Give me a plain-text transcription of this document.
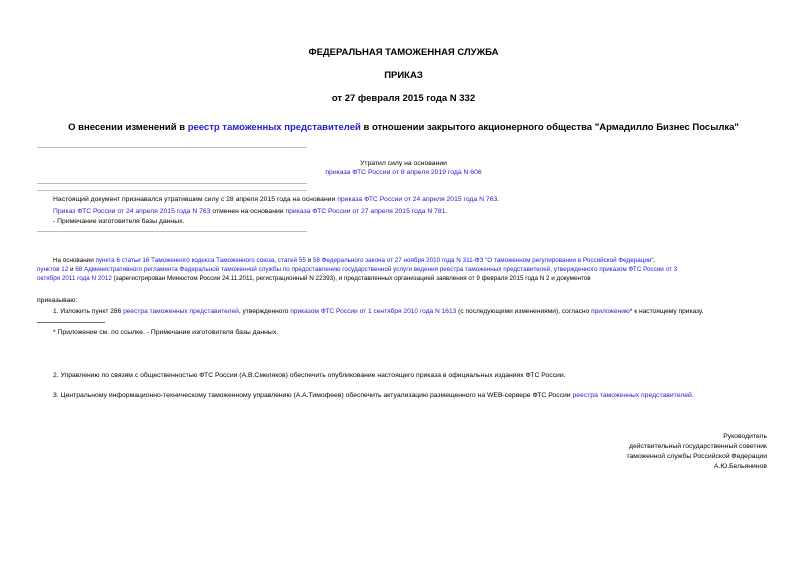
ФЕДЕРАЛЬНАЯ ТАМОЖЕННАЯ СЛУЖБА
ПРИКАЗ
от 27 февраля 2015 года N 332
О внесении изменений в реестр таможенных представителей в отношении закрытого акционерного общества "Армадилло Бизнес Посылка"
Утратил силу на основании
приказа ФТС России от 8 апреля 2019 года N 606
Настоящий документ признавался утратившим силу с 28 апреля 2015 года на основании приказа ФТС России от 24 апреля 2015 года N 763.
Приказ ФТС России от 24 апреля 2015 года N 763 отменен на основании приказа ФТС России от 27 апреля 2015 года N 781.
- Примечание изготовителя базы данных.
На основании пункта 6 статьи 16 Таможенного кодекса Таможенного союза, статей 55 и 58 Федерального закона от 27 ноября 2010 года N 311-ФЗ "О таможенном регулировании в Российской Федерации",
пунктов 12 и 68 Административного регламента Федеральной таможенной службы по предоставлению государственной услуги ведения реестра таможенных представителей, утвержденного приказом ФТС России от 3
октября 2011 года N 2012 (зарегистрирован Минюстом России 24.11.2011, регистрационный N 22393), и представленных организацией заявления от 9 февраля 2015 года N 2 и документов
приказываю:
1. Изложить пункт 286 реестра таможенных представителей, утвержденного приказом ФТС России от 1 сентября 2010 года N 1613 (с последующими изменениями), согласно приложению* к настоящему приказу.
* Приложение см. по ссылке. - Примечание изготовителя базы данных.
2. Управлению по связям с общественностью ФТС России (А.В.Смеляков) обеспечить опубликование настоящего приказа в официальных изданиях ФТС России.
3. Центральному информационно-техническому таможенному управлению (А.А.Тимофеев) обеспечить актуализацию размещенного на WEB-сервере ФТС России реестра таможенных представителей.
Руководитель
действительный государственный советник
таможенной службы Российской Федерации
А.Ю.Бельянинов
